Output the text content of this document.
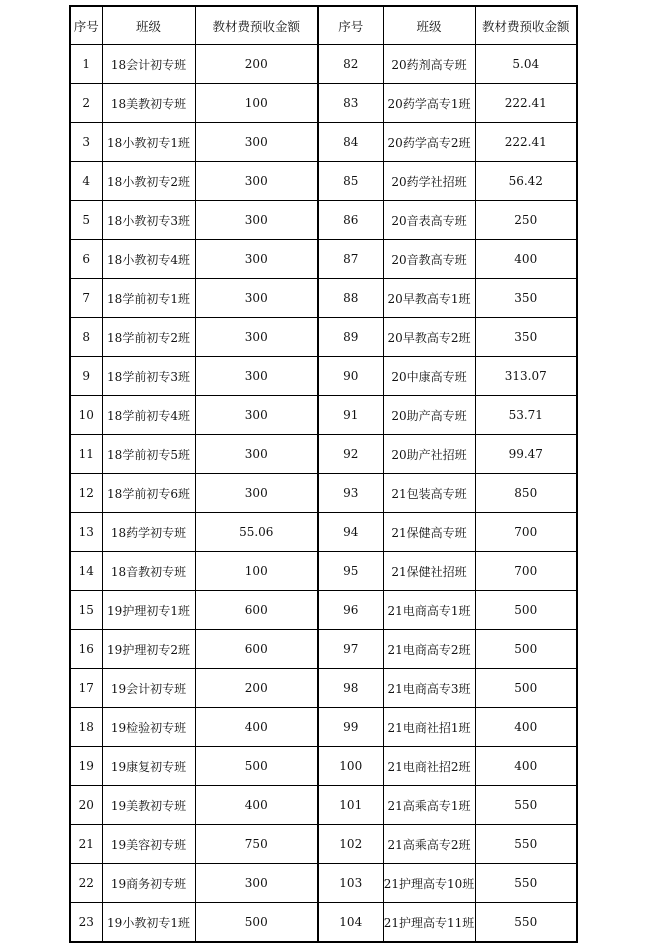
序号	班级	教材费预收金额	序号	班级	教材费预收金额
1	18会计初专班	200	82	20药剂高专班	5.04
2	18美教初专班	100	83	20药学高专1班	222.41
3	18小教初专1班	300	84	20药学高专2班	222.41
4	18小教初专2班	300	85	20药学社招班	56.42
5	18小教初专3班	300	86	20音表高专班	250
6	18小教初专4班	300	87	20音教高专班	400
7	18学前初专1班	300	88	20早教高专1班	350
8	18学前初专2班	300	89	20早教高专2班	350
9	18学前初专3班	300	90	20中康高专班	313.07
10	18学前初专4班	300	91	20助产高专班	53.71
11	18学前初专5班	300	92	20助产社招班	99.47
12	18学前初专6班	300	93	21包装高专班	850
13	18药学初专班	55.06	94	21保健高专班	700
14	18音教初专班	100	95	21保健社招班	700
15	19护理初专1班	600	96	21电商高专1班	500
16	19护理初专2班	600	97	21电商高专2班	500
17	19会计初专班	200	98	21电商高专3班	500
18	19检验初专班	400	99	21电商社招1班	400
19	19康复初专班	500	100	21电商社招2班	400
20	19美教初专班	400	101	21高乘高专1班	550
21	19美容初专班	750	102	21高乘高专2班	550
22	19商务初专班	300	103	21护理高专10班	550
23	19小教初专1班	500	104	21护理高专11班	550
